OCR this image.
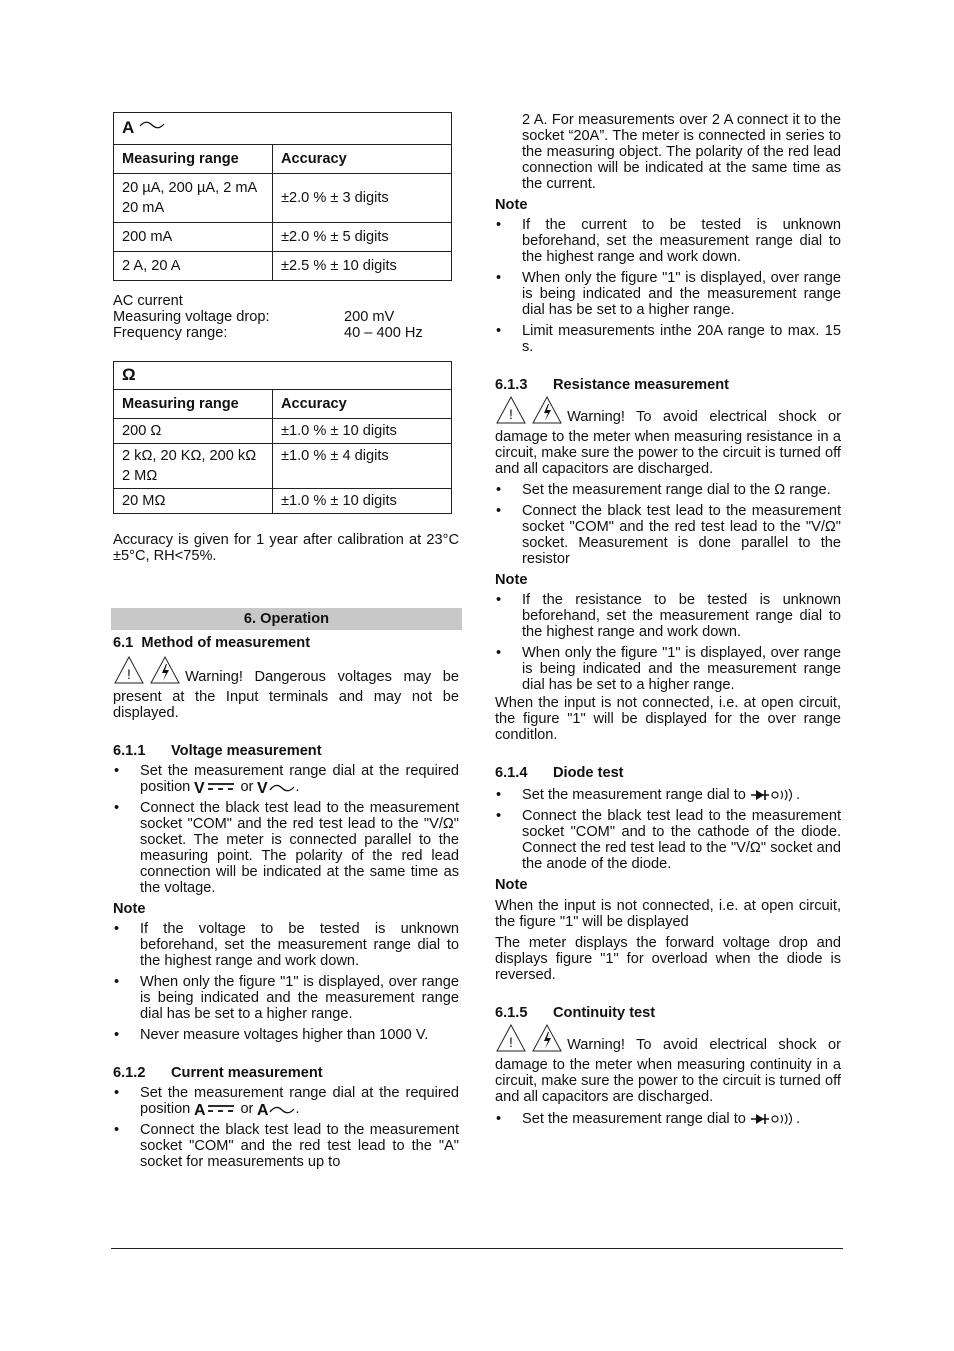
A	
Measuring range	Accuracy
20 µA, 200 µA, 2 mA
20 mA	±2.0 % ± 3 digits
200 mA	±2.0 % ± 5 digits
2 A, 20 A	±2.5 % ± 10 digits
AC current
Measuring voltage drop:	200 mV
Frequency range:	40 – 400 Hz
Ω	
Measuring range	Accuracy
200 Ω	±1.0 % ± 10 digits
2 kΩ, 20 KΩ, 200 kΩ
2 MΩ	±1.0 % ± 4 digits
20 MΩ	±1.0 % ± 10 digits

Accuracy is given for 1 year after calibration at 23°C ±5°C, RH<75%.

6. Operation
6.1 Method of measurement

!	Warning! Dangerous voltages may be present at the Input terminals and may not be displayed.

6.1.1 Voltage measurement
• Set the measurement range dial at the required position V or V .
• Connect the black test lead to the measurement socket "COM" and the red test lead to the "V/Ω" socket. The meter is connected parallel to the measuring point. The polarity of the red lead connection will be indicated at the same time as the voltage.
Note
• If the voltage to be tested is unknown beforehand, set the measurement range dial to the highest range and work down.
• When only the figure "1" is displayed, over range is being indicated and the measurement range dial has be set to a higher range.
• Never measure voltages higher than 1000 V.
6.1.2 Current measurement
• Set the measurement range dial at the required position A or A .
• Connect the black test lead to the measurement socket "COM" and the red test lead to the "A" socket for measurements up to

2 A. For measurements over 2 A connect it to the socket “20A”. The meter is connected in series to the measuring object. The polarity of the red lead connection will be indicated at the same time as the current.

Note
• If the current to be tested is unknown beforehand, set the measurement range dial to the highest range and work down.
• When only the figure "1" is displayed, over range is being indicated and the measurement range dial has be set to a higher range.
• Limit measurements inthe 20A range to max. 15 s.
6.1.3 Resistance measurement

!	Warning! To avoid electrical shock or damage to the meter when measuring resistance in a circuit, make sure the power to the circuit is turned off and all capacitors are discharged.

• Set the measurement range dial to the Ω range.
• Connect the black test lead to the measurement socket "COM" and the red test lead to the "V/Ω" socket. Measurement is done parallel to the resistor
Note
• If the resistance to be tested is unknown beforehand, set the measurement range dial to the highest range and work down.
• When only the figure "1" is displayed, over range is being indicated and the measurement range dial has be set to a higher range.

When the input is not connected, i.e. at open circuit, the figure "1" will be displayed for the over range conditlon.

6.1.4 Diode test
• Set the measurement range dial to	.
• Connect the black test lead to the measurement socket "COM" and to the cathode of the diode. Connect the red test lead to the "V/Ω" socket and the anode of the diode.
Note

When the input is not connected, i.e. at open circuit, the figure "1" will be displayed

The meter displays the forward voltage drop and displays figure "1" for overload when the diode is reversed.

6.1.5 Continuity test

!	Warning! To avoid electrical shock or damage to the meter when measuring continuity in a circuit, make sure the power to the circuit is turned off and all capacitors are discharged.

• Set the measurement range dial to	.
